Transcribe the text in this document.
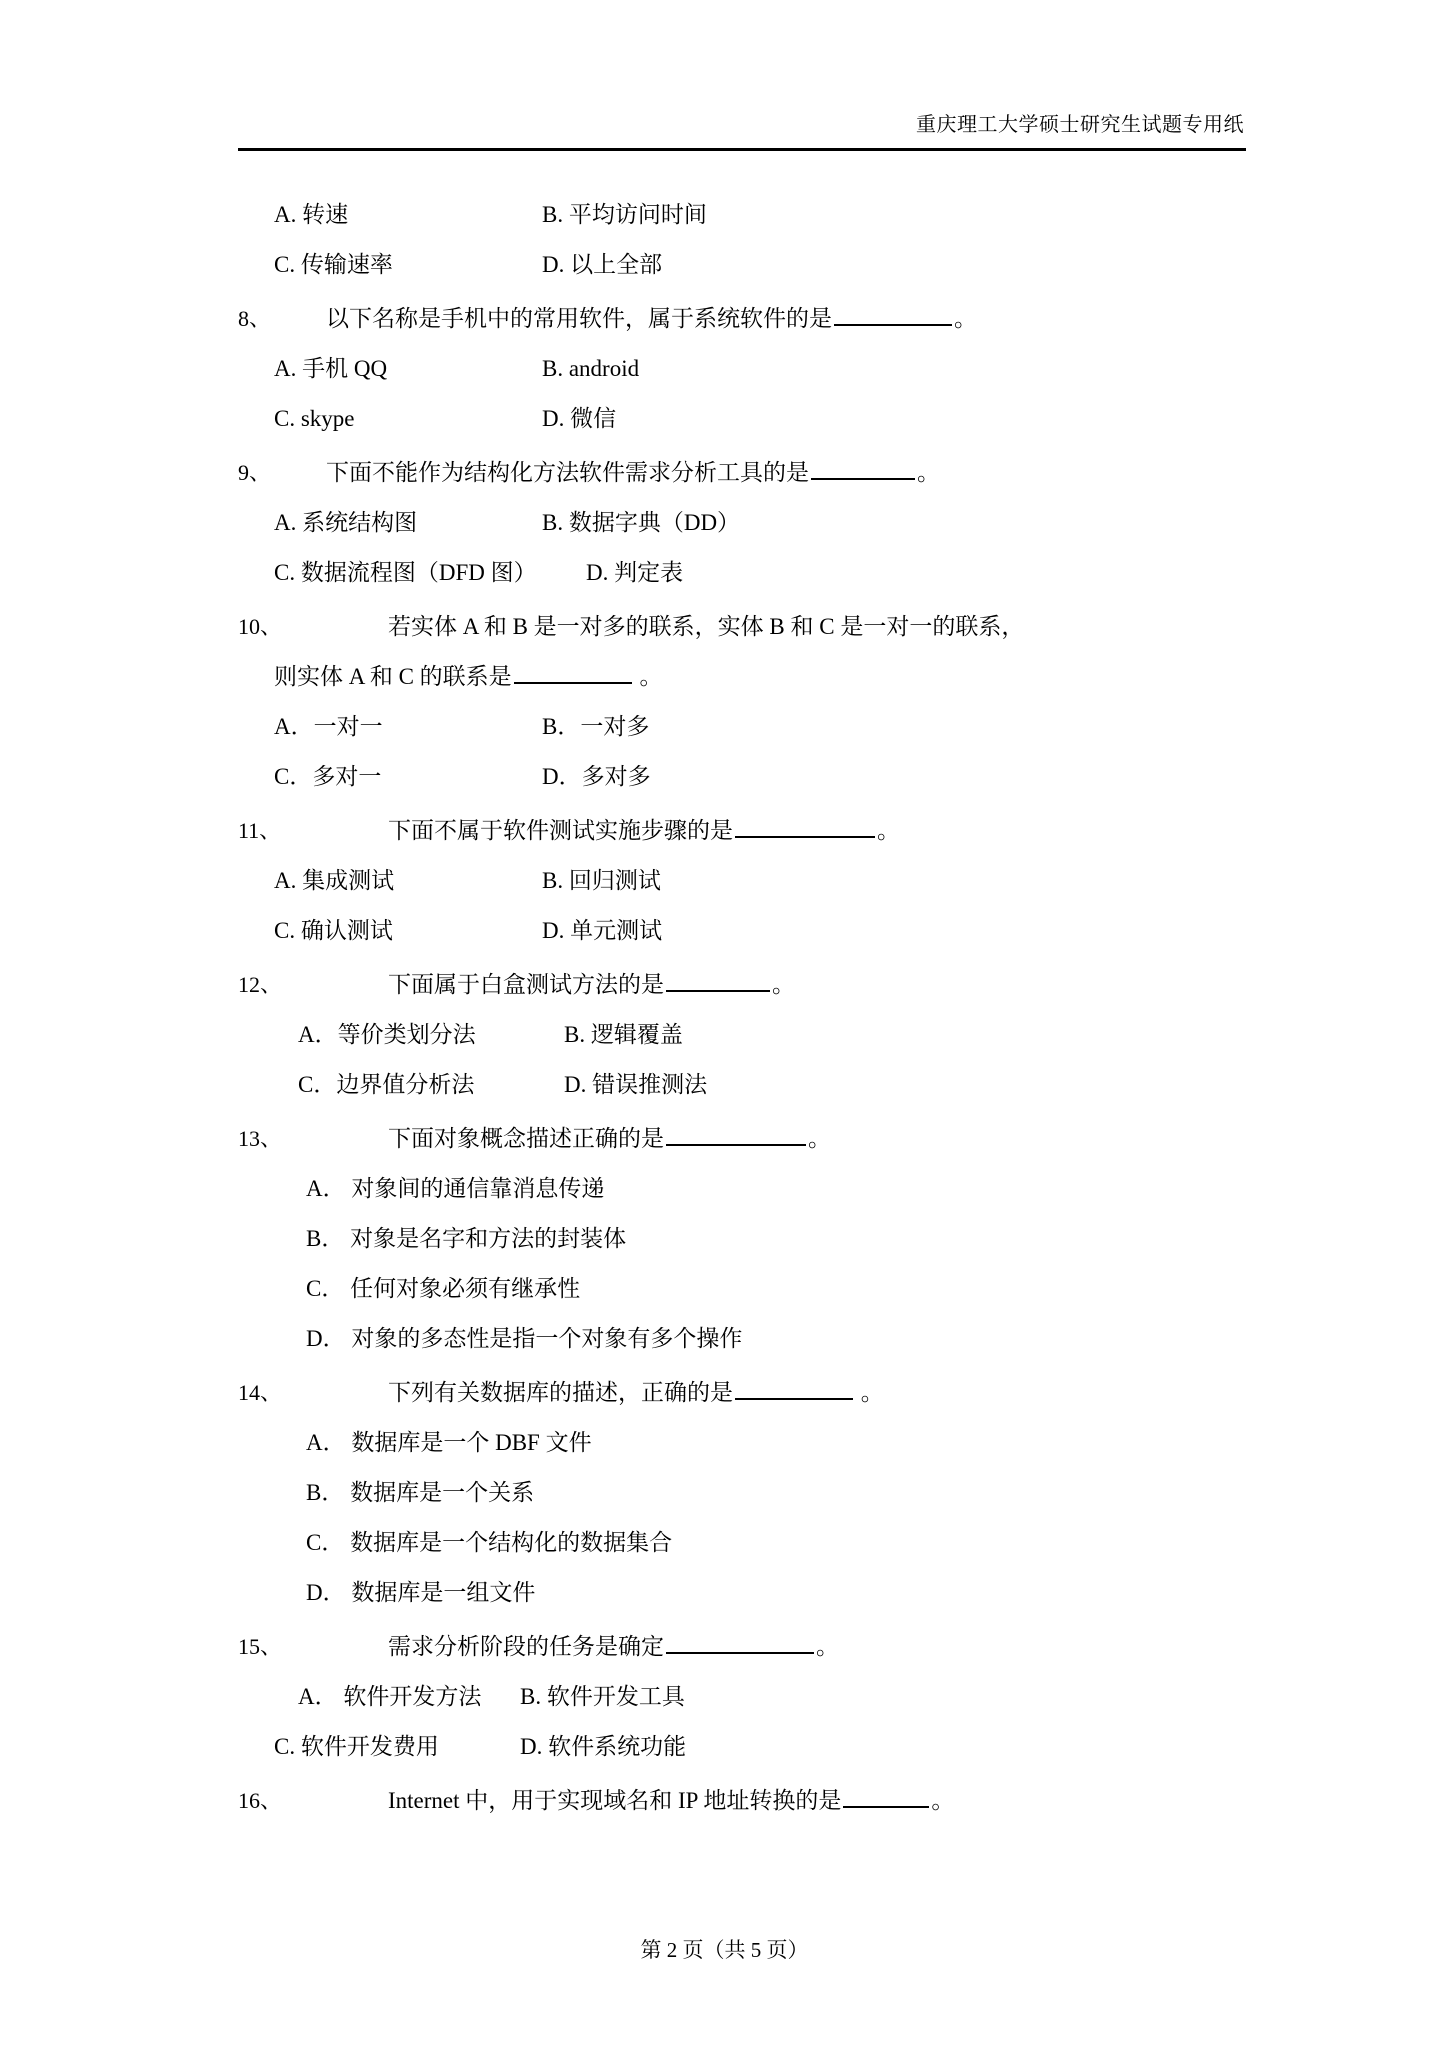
重庆理工大学硕士研究生试题专用纸
A. 转速	B. 平均访问时间
C. 传输速率	D. 以上全部
8、	以下名称是手机中的常用软件，属于系统软件的是	。
A. 手机 QQ	B. android
C. skype	D. 微信
9、	下面不能作为结构化方法软件需求分析工具的是	。
A. 系统结构图	B. 数据字典（DD）
C. 数据流程图（DFD 图）	D. 判定表
10、	若实体 A 和 B 是一对多的联系，实体 B 和 C 是一对一的联系，
则实体 A 和 C 的联系是	。
A．一对一	B．一对多
C．多对一	D．多对多
11、	下面不属于软件测试实施步骤的是	。
A. 集成测试	B. 回归测试
C. 确认测试	D. 单元测试
12、	下面属于白盒测试方法的是	。
A．等价类划分法	B. 逻辑覆盖
C．边界值分析法	D. 错误推测法
13、	下面对象概念描述正确的是	。
A． 对象间的通信靠消息传递
B． 对象是名字和方法的封装体
C． 任何对象必须有继承性
D． 对象的多态性是指一个对象有多个操作
14、	下列有关数据库的描述，正确的是	。
A． 数据库是一个 DBF 文件
B． 数据库是一个关系
C． 数据库是一个结构化的数据集合
D． 数据库是一组文件
15、	需求分析阶段的任务是确定	。
A． 软件开发方法	B. 软件开发工具
C. 软件开发费用	D. 软件系统功能
16、	Internet 中，用于实现域名和 IP 地址转换的是	。
第 2 页（共 5 页）
